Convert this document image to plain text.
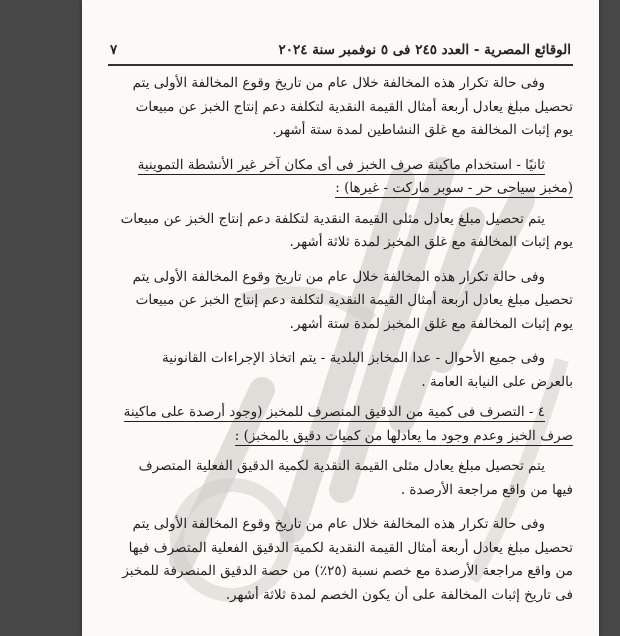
الوقائع المصرية - العدد ٢٤٥ فى ٥ نوفمبر سنة ٢٠٢٤
٧
وفى حالة تكرار هذه المخالفة خلال عام من تاريخ وقوع المخالفة الأولى يتم
تحصيل مبلغ يعادل أربعة أمثال القيمة النقدية لتكلفة دعم إنتاج الخبز عن مبيعات
يوم إثبات المخالفة مع غلق النشاطين لمدة ستة أشهر.
ثانيًا - استخدام ماكينة صرف الخبز فى أى مكان آخر غير الأنشطة التموينية
(مخبز سياحى حر - سوبر ماركت - غيرها) :
يتم تحصيل مبلغ يعادل مثلى القيمة النقدية لتكلفة دعم إنتاج الخبز عن مبيعات
يوم إثبات المخالفة مع غلق المخبز لمدة ثلاثة أشهر.
وفى حالة تكرار هذه المخالفة خلال عام من تاريخ وقوع المخالفة الأولى يتم
تحصيل مبلغ يعادل أربعة أمثال القيمة النقدية لتكلفة دعم إنتاج الخبز عن مبيعات
يوم إثبات المخالفة مع غلق المخبز لمدة ستة أشهر.
وفى جميع الأحوال - عدا المخابز البلدية - يتم اتخاذ الإجراءات القانونية
بالعرض على النيابة العامة .
٤ - التصرف فى كمية من الدقيق المنصرف للمخبز (وجود أرصدة على ماكينة
صرف الخبز وعدم وجود ما يعادلها من كميات دقيق بالمخبز) :
يتم تحصيل مبلغ يعادل مثلى القيمة النقدية لكمية الدقيق الفعلية المتصرف
فيها من واقع مراجعة الأرصدة .
وفى حالة تكرار هذه المخالفة خلال عام من تاريخ وقوع المخالفة الأولى يتم
تحصيل مبلغ يعادل أربعة أمثال القيمة النقدية لكمية الدقيق الفعلية المتصرف فيها
من واقع مراجعة الأرصدة مع خصم نسبة (٢٥٪) من حصة الدقيق المنصرفة للمخبز
فى تاريخ إثبات المخالفة على أن يكون الخصم لمدة ثلاثة أشهر.
